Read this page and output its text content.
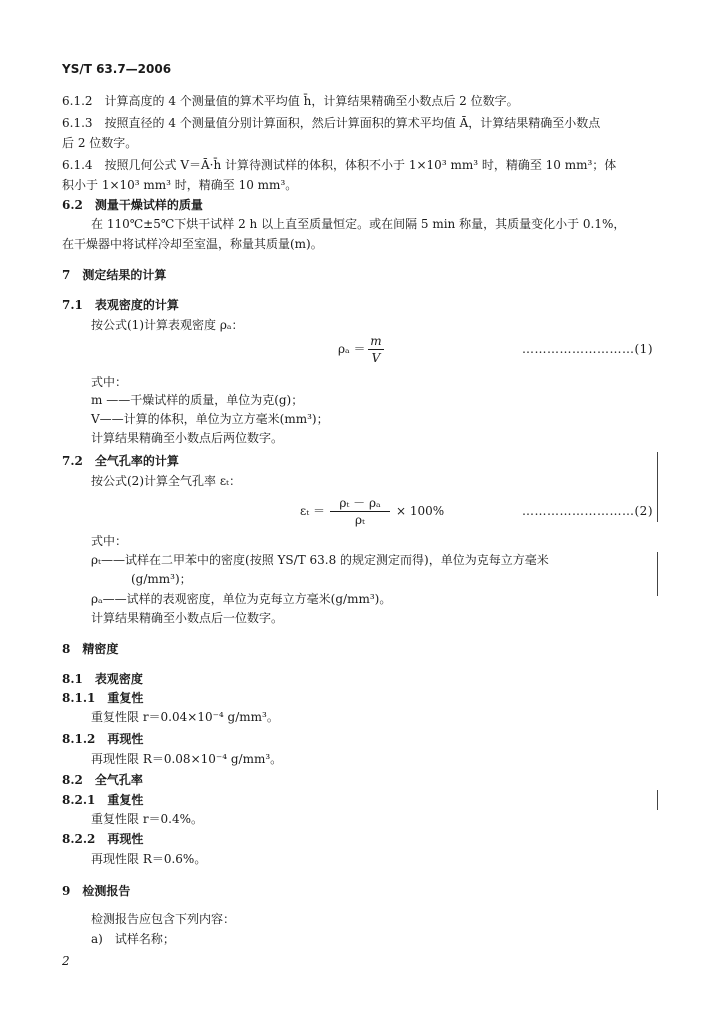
YS/T 63.7—2006
6.1.2　计算高度的 4 个测量值的算术平均值 h̄，计算结果精确至小数点后 2 位数字。
6.1.3　按照直径的 4 个测量值分别计算面积，然后计算面积的算术平均值 Ā，计算结果精确至小数点
后 2 位数字。
6.1.4　按照几何公式 V＝Ā·h̄ 计算待测试样的体积，体积不小于 1×10³ mm³ 时，精确至 10 mm³；体
积小于 1×10³ mm³ 时，精确至 10 mm³。
6.2　测量干燥试样的质量
在 110℃±5℃下烘干试样 2 h 以上直至质量恒定。或在间隔 5 min 称量，其质量变化小于 0.1%，
在干燥器中将试样冷却至室温，称量其质量(m)。
7　测定结果的计算
7.1　表观密度的计算
按公式(1)计算表观密度 ρₐ：
ρₐ ＝
m
V
………………………(1)
式中：
m ——干燥试样的质量，单位为克(g)；
V——计算的体积，单位为立方毫米(mm³)；
计算结果精确至小数点后两位数字。
7.2　全气孔率的计算
按公式(2)计算全气孔率 εₜ：
εₜ ＝
ρₜ － ρₐ
ρₜ
× 100%	………………………(2)
式中：
ρₜ——试样在二甲苯中的密度(按照 YS/T 63.8 的规定测定而得)，单位为克每立方毫米
(g/mm³)；
ρₐ——试样的表观密度，单位为克每立方毫米(g/mm³)。
计算结果精确至小数点后一位数字。
8　精密度
8.1　表观密度
8.1.1　重复性
重复性限 r＝0.04×10⁻⁴ g/mm³。
8.1.2　再现性
再现性限 R＝0.08×10⁻⁴ g/mm³。
8.2　全气孔率
8.2.1　重复性
重复性限 r＝0.4%。
8.2.2　再现性
再现性限 R＝0.6%。
9　检测报告
检测报告应包含下列内容：
a)　试样名称；
2
